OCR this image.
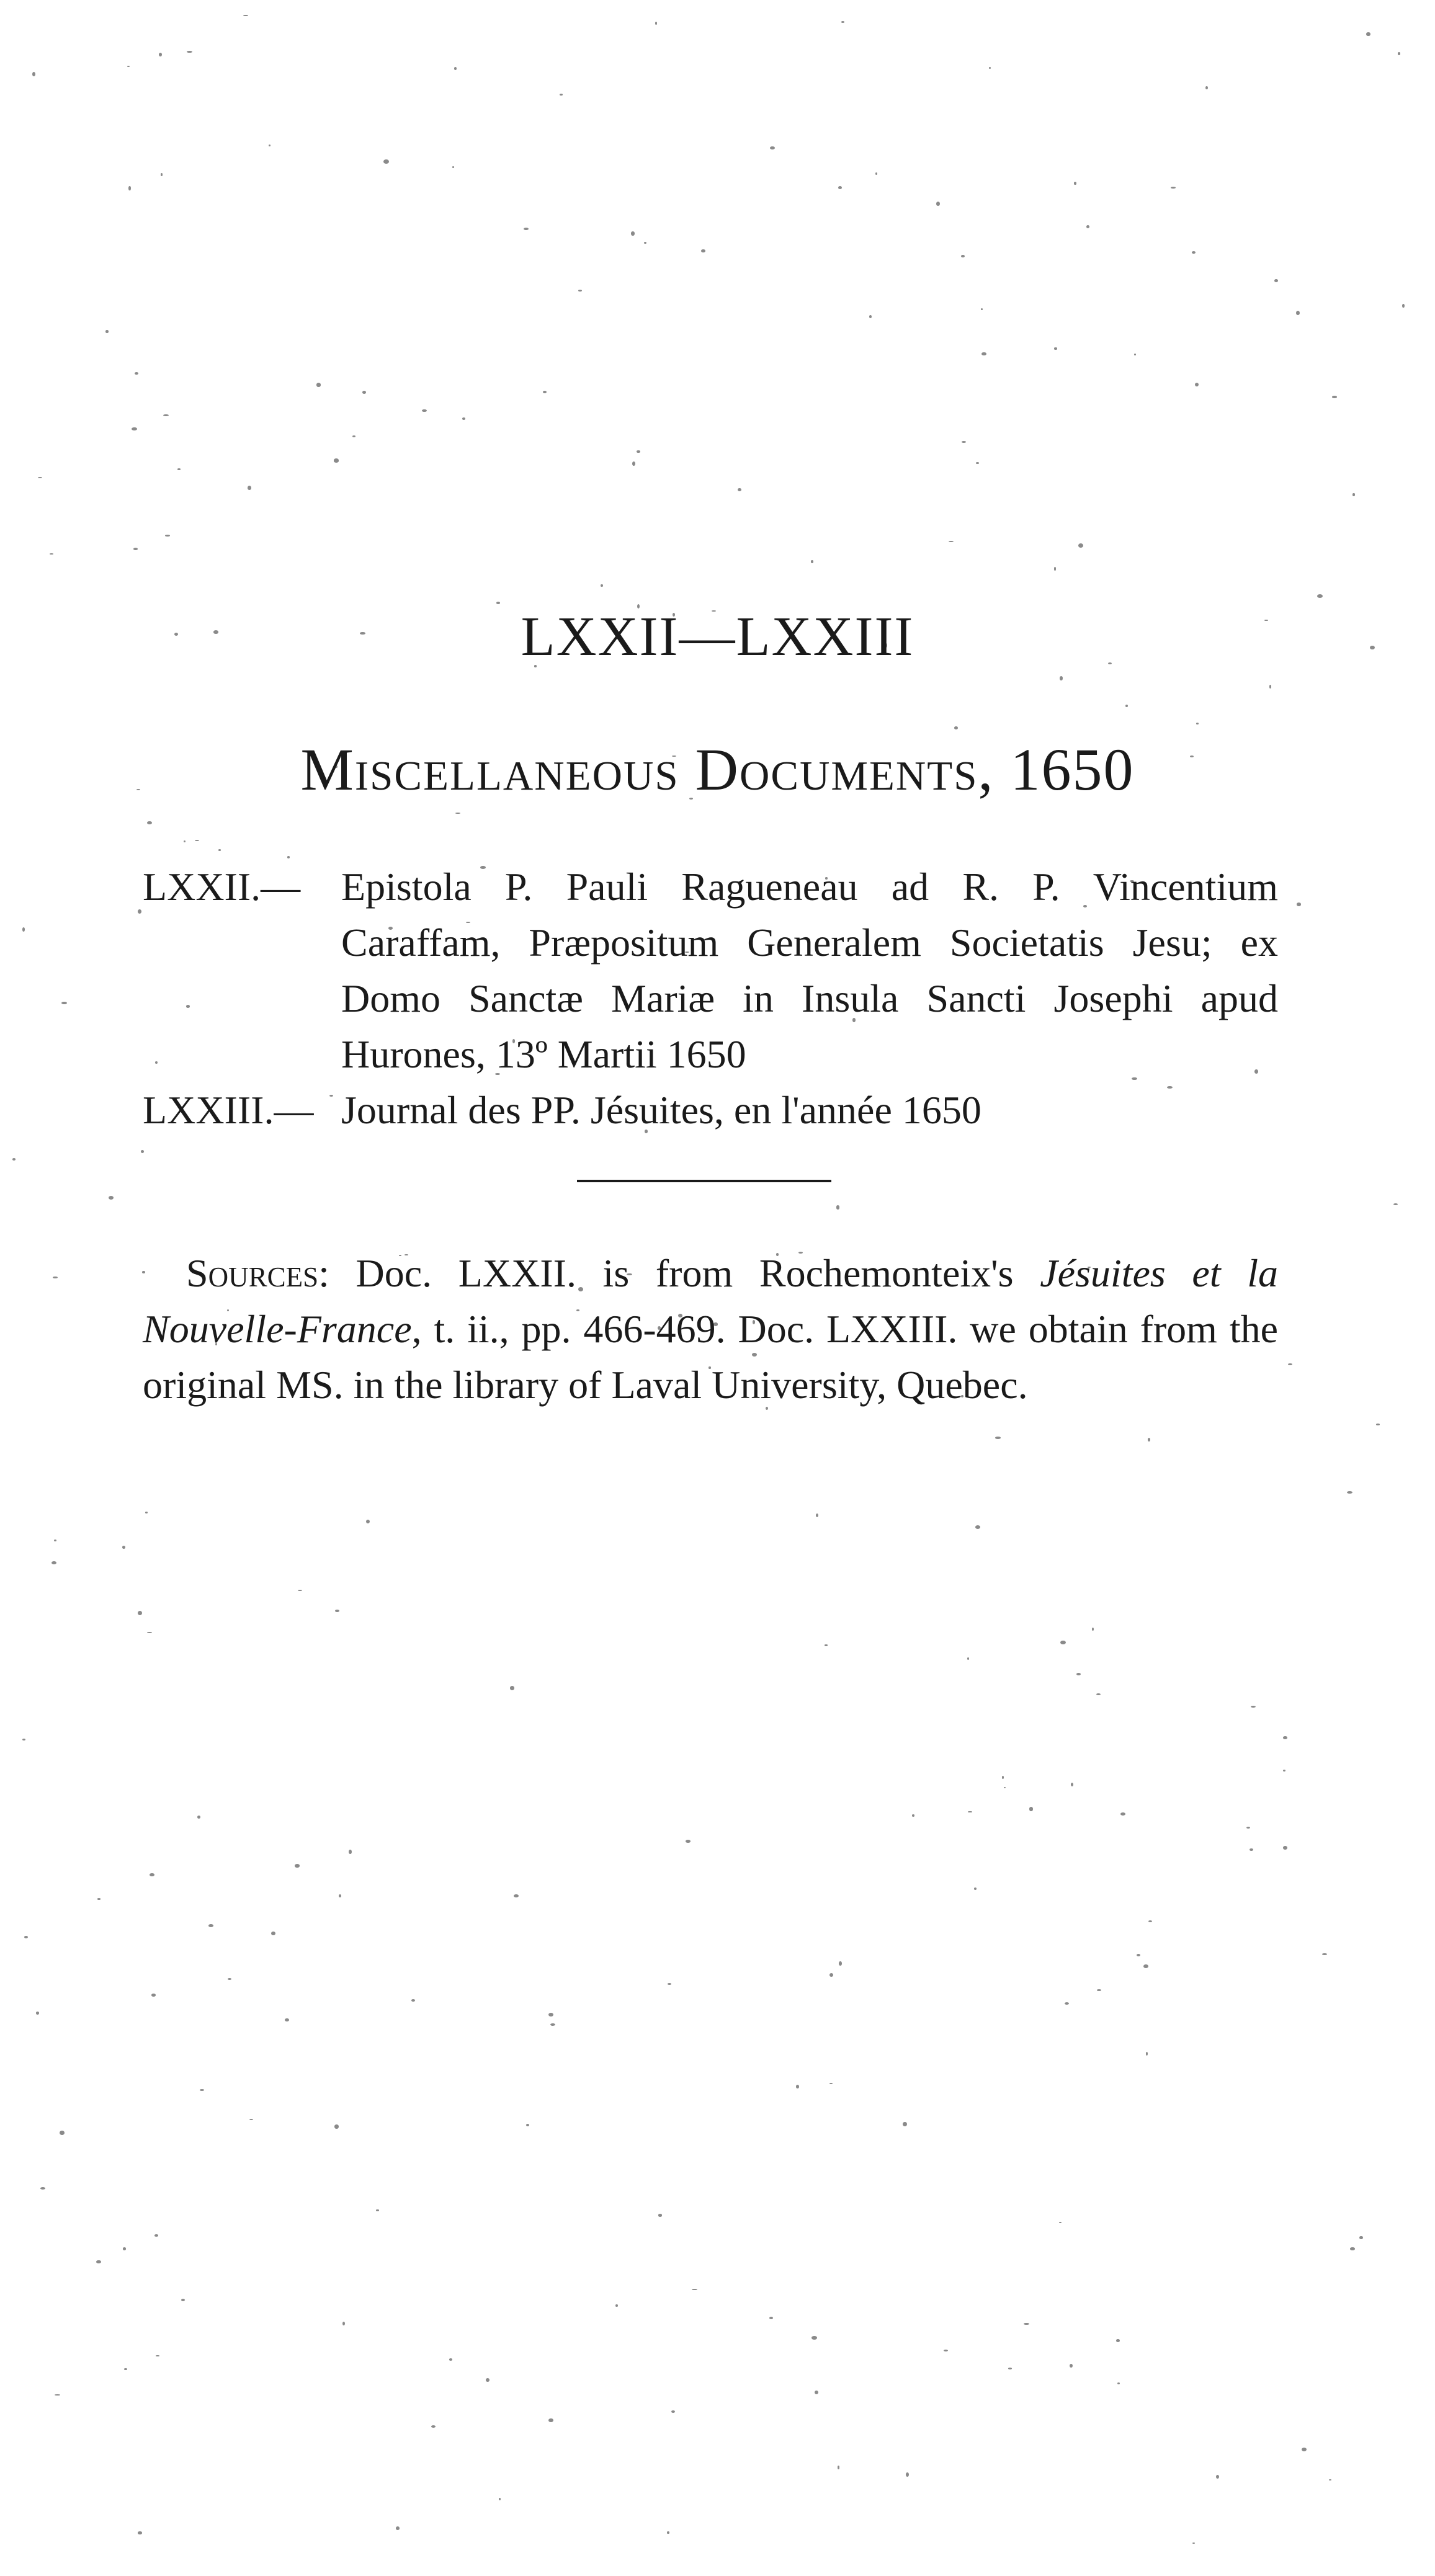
LXXII—LXXIII
Miscellaneous Documents, 1650
LXXII.— Epistola P. Pauli Ragueneau ad R. P. Vincentium Caraffam, Præpositum Generalem Societatis Jesu; ex Domo Sanctæ Mariæ in Insula Sancti Josephi apud Hurones, 13º Martii 1650
LXXIII.— Journal des PP. Jésuites, en l'année 1650
Sources: Doc. LXXII. is from Rochemonteix's Jésuites et la Nouvelle-France, t. ii., pp. 466-469. Doc. LXXIII. we obtain from the original MS. in the library of Laval University, Quebec.
